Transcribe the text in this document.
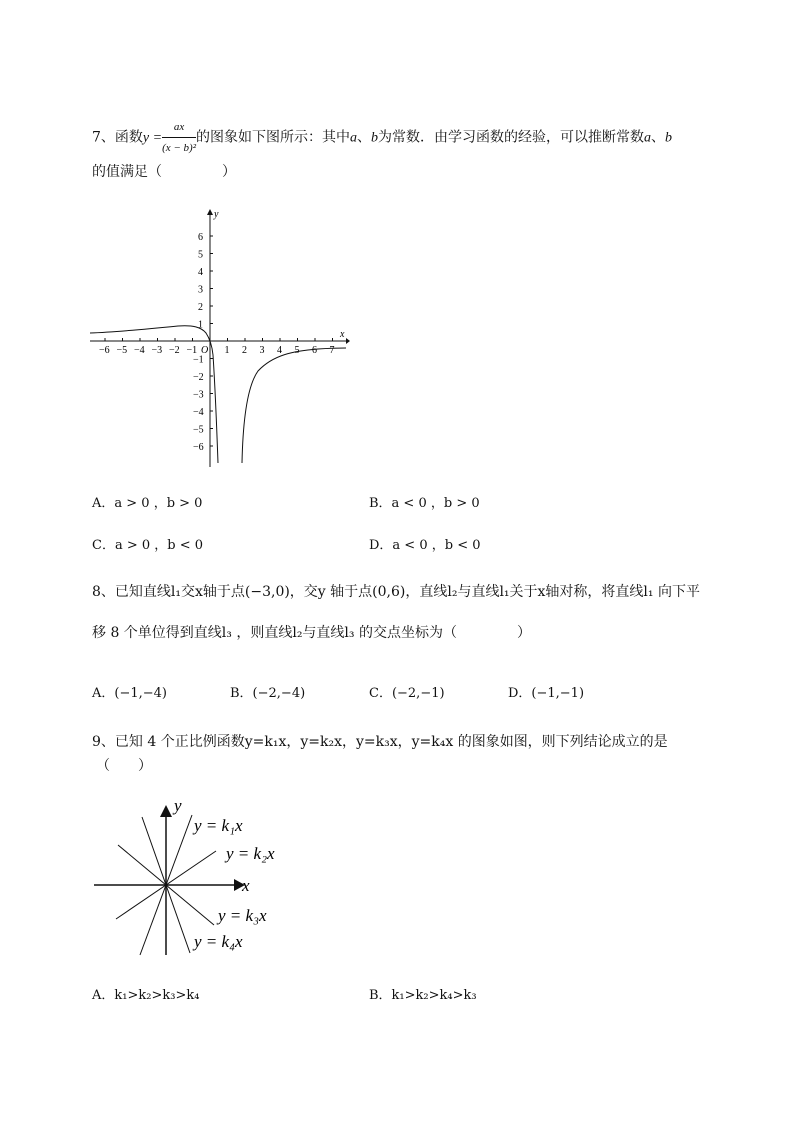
7、函数$y = \frac{ax}{\text{(x − b)²}}$ 的图象如下图所示：其中a、b为常数．由学习函数的经验，可以推断常数a、b
的值满足（	）
x
y
O
−6 −5 −4 −3 −2 −1	1 2 3 4 5 6 7
6
5
4
3
2
1
−1
−2
−3
−4
−5
−6
A．a > 0 ，b > 0	B．a < 0 ，b > 0
C．a > 0 ，b < 0	D．a < 0 ，b < 0
8、已知直线l₁交x轴于点(−3,0)，交y 轴于点(0,6)，直线l₂与直线l₁关于x轴对称，将直线l₁ 向下平
移 8 个单位得到直线l₃ ，则直线l₂与直线l₃ 的交点坐标为（	）
A．(−1,−4)	B．(−2,−4)	C．(−2,−1)	D．(−1,−1)
9、已知 4 个正比例函数y=k₁x，y=k₂x，y=k₃x，y=k₄x 的图象如图，则下列结论成立的是
（　　）
x
y
y = k₁x
y = k₂x
y = k₃x
y = k₄x
A．k₁>k₂>k₃>k₄	B．k₁>k₂>k₄>k₃
